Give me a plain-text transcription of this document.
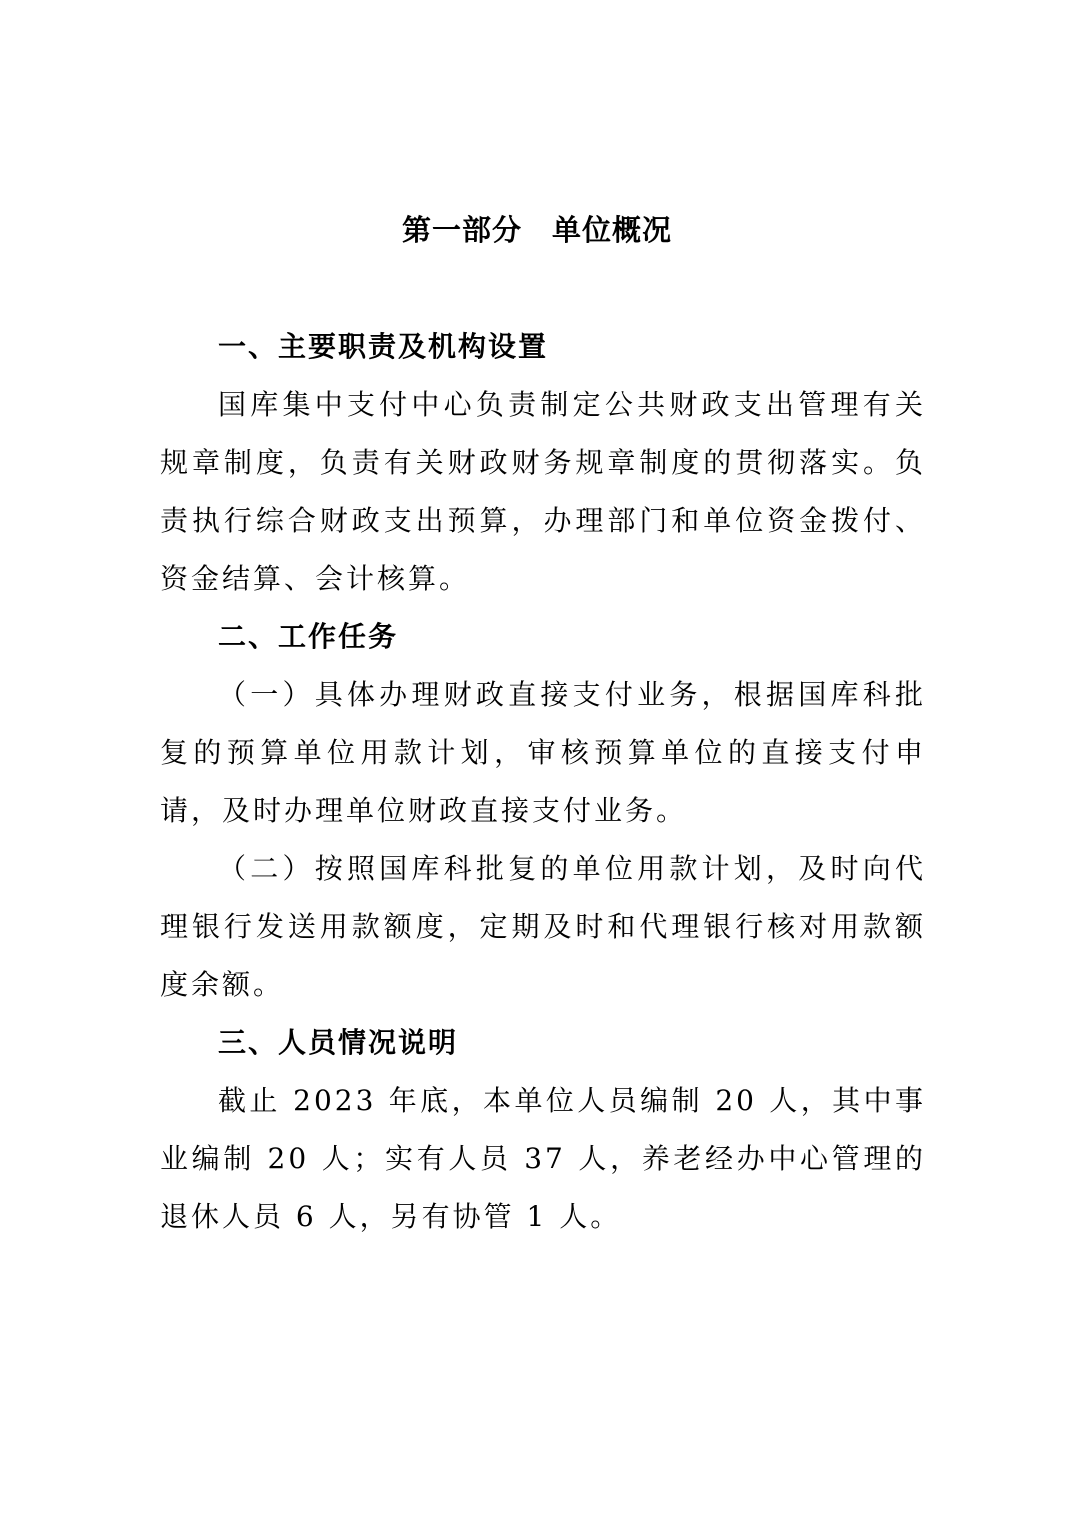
第一部分　单位概况
一、主要职责及机构设置

国库集中支付中心负责制定公共财政支出管理有关规章制度，负责有关财政财务规章制度的贯彻落实。负责执行综合财政支出预算，办理部门和单位资金拨付、资金结算、会计核算。

二、工作任务

（一）具体办理财政直接支付业务，根据国库科批复的预算单位用款计划，审核预算单位的直接支付申请，及时办理单位财政直接支付业务。

（二）按照国库科批复的单位用款计划，及时向代理银行发送用款额度，定期及时和代理银行核对用款额度余额。

三、人员情况说明

截止 2023 年底，本单位人员编制 20 人，其中事业编制 20 人；实有人员 37 人，养老经办中心管理的退休人员 6 人，另有协管 1 人。
